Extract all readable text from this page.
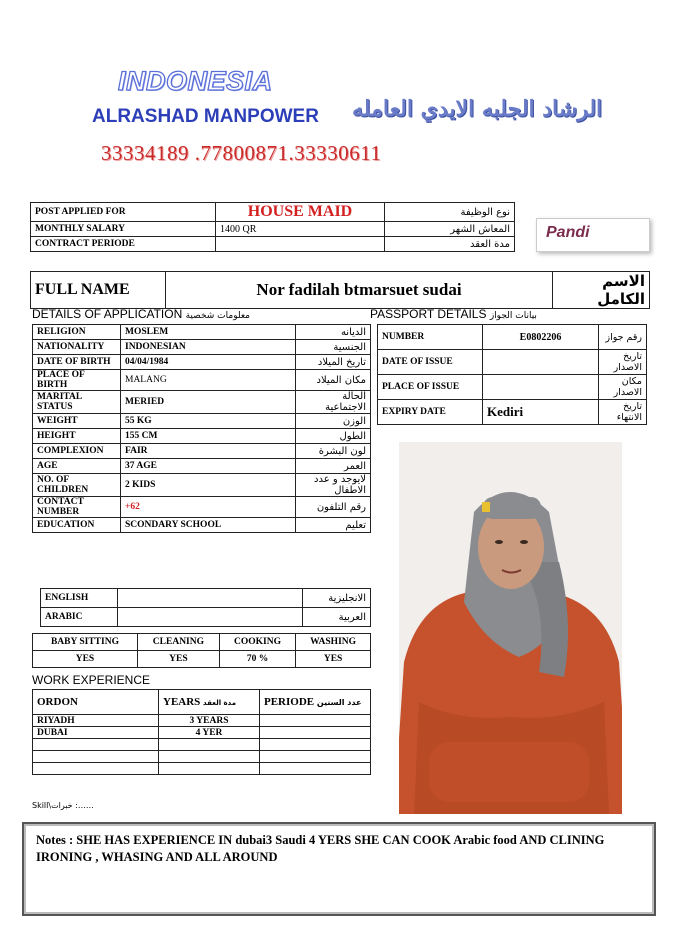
INDONESIA
ALRASHAD MANPOWER الرشاد الجلبه الايدي العامله
33334189 .77800871.33330611
POST APPLIED FOR	HOUSE MAID	نوع الوظيفة
MONTHLY SALARY	1400 QR	المعاش الشهر
CONTRACT PERIODE		مدة العقد
Pandi
FULL NAME	Nor fadilah btmarsuet sudai	الاسم الكامل
DETAILS OF APPLICATION معلومات شخصية	PASSPORT DETAILS بيانات الجواز
RELIGION	MOSLEM	الديانه
NATIONALITY	INDONESIAN	الجنسية
DATE OF BIRTH	04/04/1984	تاريخ الميلاد
PLACE OF BIRTH	MALANG	مكان الميلاد
MARITAL STATUS	MERIED	الحالة الاجتماعية
WEIGHT	55 KG	الوزن
HEIGHT	155 CM	الطول
COMPLEXION	FAIR	لون البشرة
AGE	37 AGE	العمر
NO. OF CHILDREN	2 KIDS	لايوجد و عدد الاطفال
CONTACT NUMBER	+62	رقم التلفون
EDUCATION	SCONDARY SCHOOL	تعليم
ENGLISH		الانجليزية
ARABIC		العربية
BABY SITTING	CLEANING	COOKING	WASHING
YES	YES	70 %	YES
WORK EXPERIENCE
ORDON	YEARS مدة العقد	PERIODE عدد السنين
RIYADH	3 YEARS	
DUBAI	4 YER	

Skill\خبرات :……
NUMBER	E0802206	رقم جواز
DATE OF ISSUE		تاريخ الاصدار
PLACE OF ISSUE		مكان الاصدار
EXPIRY DATE	Kediri	تاريخ الانتهاء
Notes : SHE HAS EXPERIENCE IN dubai3 Saudi 4 YERS SHE CAN COOK Arabic food AND CLINING IRONING , WHASING AND ALL AROUND
